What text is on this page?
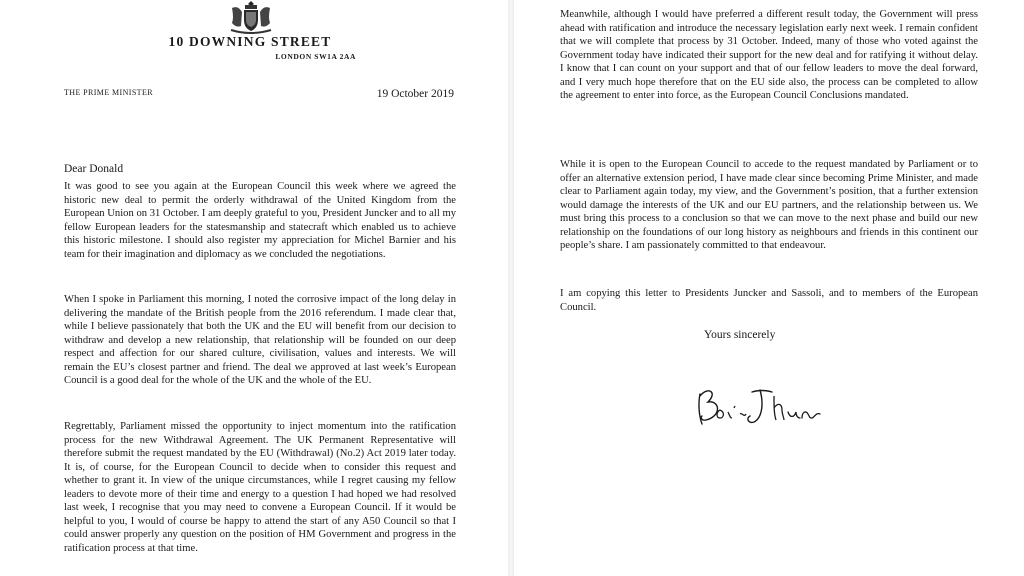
10 DOWNING STREET
LONDON SW1A 2AA
THE PRIME MINISTER	19 October 2019
Dear Donald

It was good to see you again at the European Council this week where we agreed the historic new deal to permit the orderly withdrawal of the United Kingdom from the European Union on 31 October. I am deeply grateful to you, President Juncker and to all my fellow European leaders for the statesmanship and statecraft which enabled us to achieve this historic milestone. I should also register my appreciation for Michel Barnier and his team for their imagination and diplomacy as we concluded the negotiations.

When I spoke in Parliament this morning, I noted the corrosive impact of the long delay in delivering the mandate of the British people from the 2016 referendum. I made clear that, while I believe passionately that both the UK and the EU will benefit from our decision to withdraw and develop a new relationship, that relationship will be founded on our deep respect and affection for our shared culture, civilisation, values and interests. We will remain the EU’s closest partner and friend. The deal we approved at last week’s European Council is a good deal for the whole of the UK and the whole of the EU.

Regrettably, Parliament missed the opportunity to inject momentum into the ratification process for the new Withdrawal Agreement. The UK Permanent Representative will therefore submit the request mandated by the EU (Withdrawal) (No.2) Act 2019 later today. It is, of course, for the European Council to decide when to consider this request and whether to grant it. In view of the unique circumstances, while I regret causing my fellow leaders to devote more of their time and energy to a question I had hoped we had resolved last week, I recognise that you may need to convene a European Council. If it would be helpful to you, I would of course be happy to attend the start of any A50 Council so that I could answer properly any question on the position of HM Government and progress in the ratification process at that time.

Meanwhile, although I would have preferred a different result today, the Government will press ahead with ratification and introduce the necessary legislation early next week. I remain confident that we will complete that process by 31 October. Indeed, many of those who voted against the Government today have indicated their support for the new deal and for ratifying it without delay. I know that I can count on your support and that of our fellow leaders to move the deal forward, and I very much hope therefore that on the EU side also, the process can be completed to allow the agreement to enter into force, as the European Council Conclusions mandated.

While it is open to the European Council to accede to the request mandated by Parliament or to offer an alternative extension period, I have made clear since becoming Prime Minister, and made clear to Parliament again today, my view, and the Government’s position, that a further extension would damage the interests of the UK and our EU partners, and the relationship between us. We must bring this process to a conclusion so that we can move to the next phase and build our new relationship on the foundations of our long history as neighbours and friends in this continent our people’s share. I am passionately committed to that endeavour.

I am copying this letter to Presidents Juncker and Sassoli, and to members of the European Council.

Yours sincerely
